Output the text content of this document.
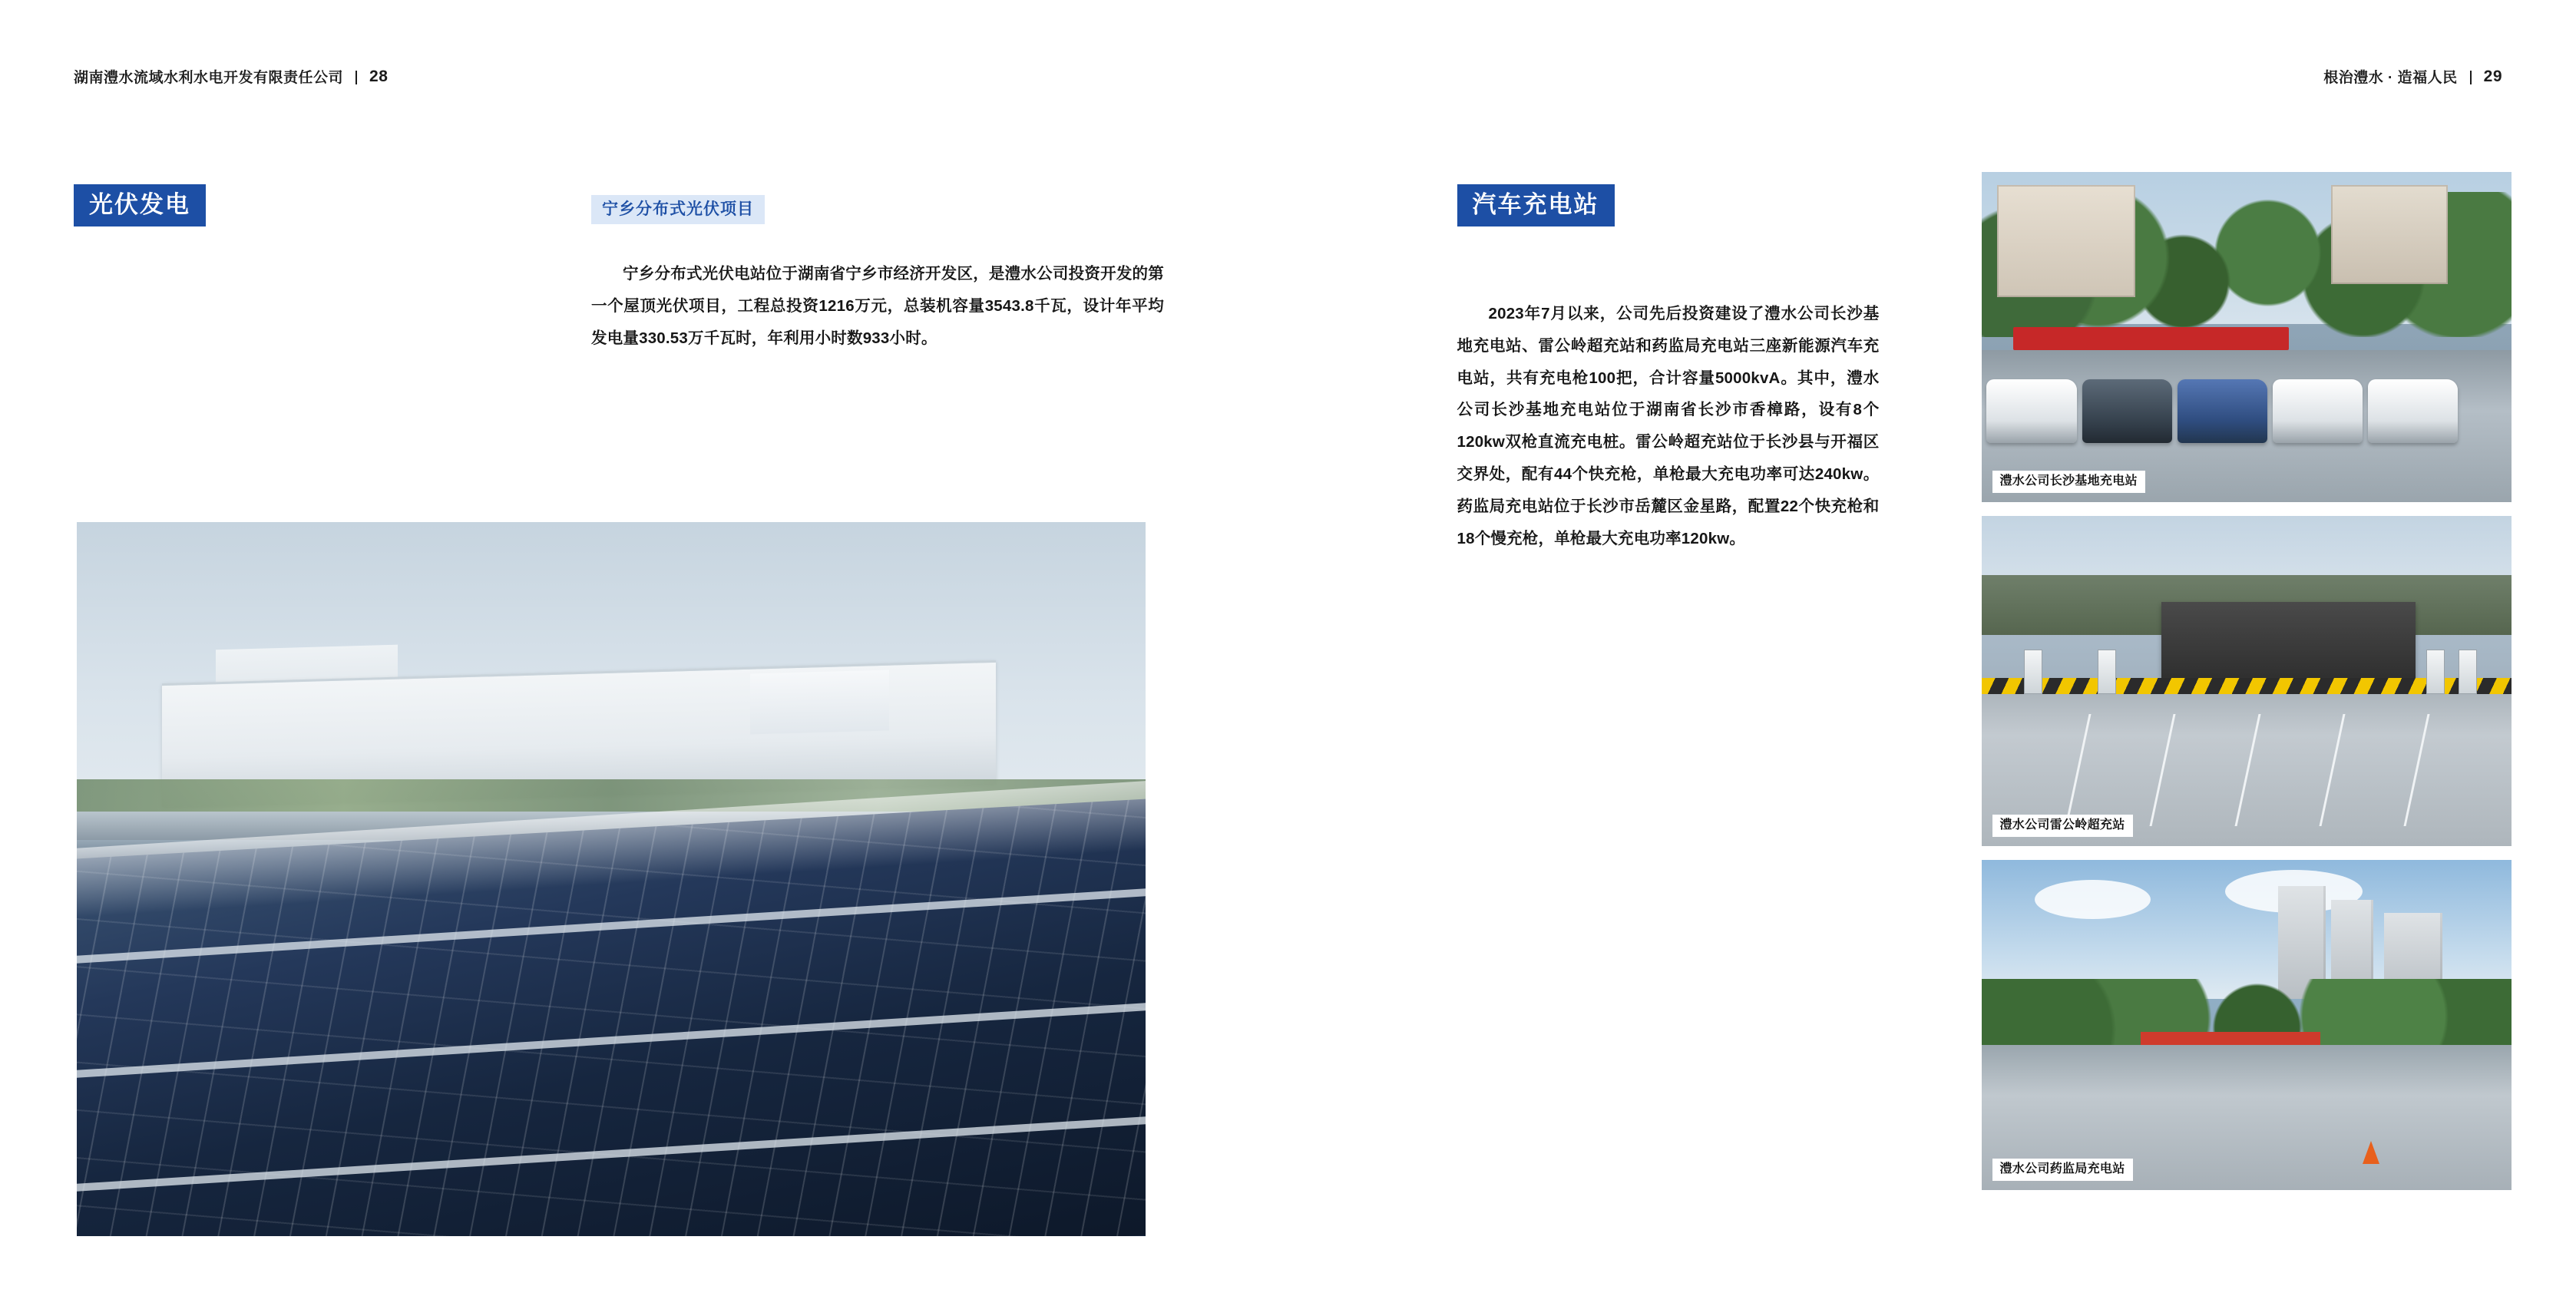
湖南澧水流域水利水电开发有限责任公司 28
光伏发电	宁乡分布式光伏项目

宁乡分布式光伏电站位于湖南省宁乡市经济开发区，是澧水公司投资开发的第一个屋顶光伏项目，工程总投资1216万元，总装机容量3543.8千瓦，设计年平均发电量330.53万千瓦时，年利用小时数933小时。

根治澧水 · 造福人民 29
汽车充电站

2023年7月以来，公司先后投资建设了澧水公司长沙基地充电站、雷公岭超充站和药监局充电站三座新能源汽车充电站，共有充电枪100把，合计容量5000kvA。其中，澧水公司长沙基地充电站位于湖南省长沙市香樟路，设有8个120kw双枪直流充电桩。雷公岭超充站位于长沙县与开福区交界处，配有44个快充枪，单枪最大充电功率可达240kw。药监局充电站位于长沙市岳麓区金星路，配置22个快充枪和18个慢充枪，单枪最大充电功率120kw。

澧水公司长沙基地充电站
澧水公司雷公岭超充站
澧水公司药监局充电站
